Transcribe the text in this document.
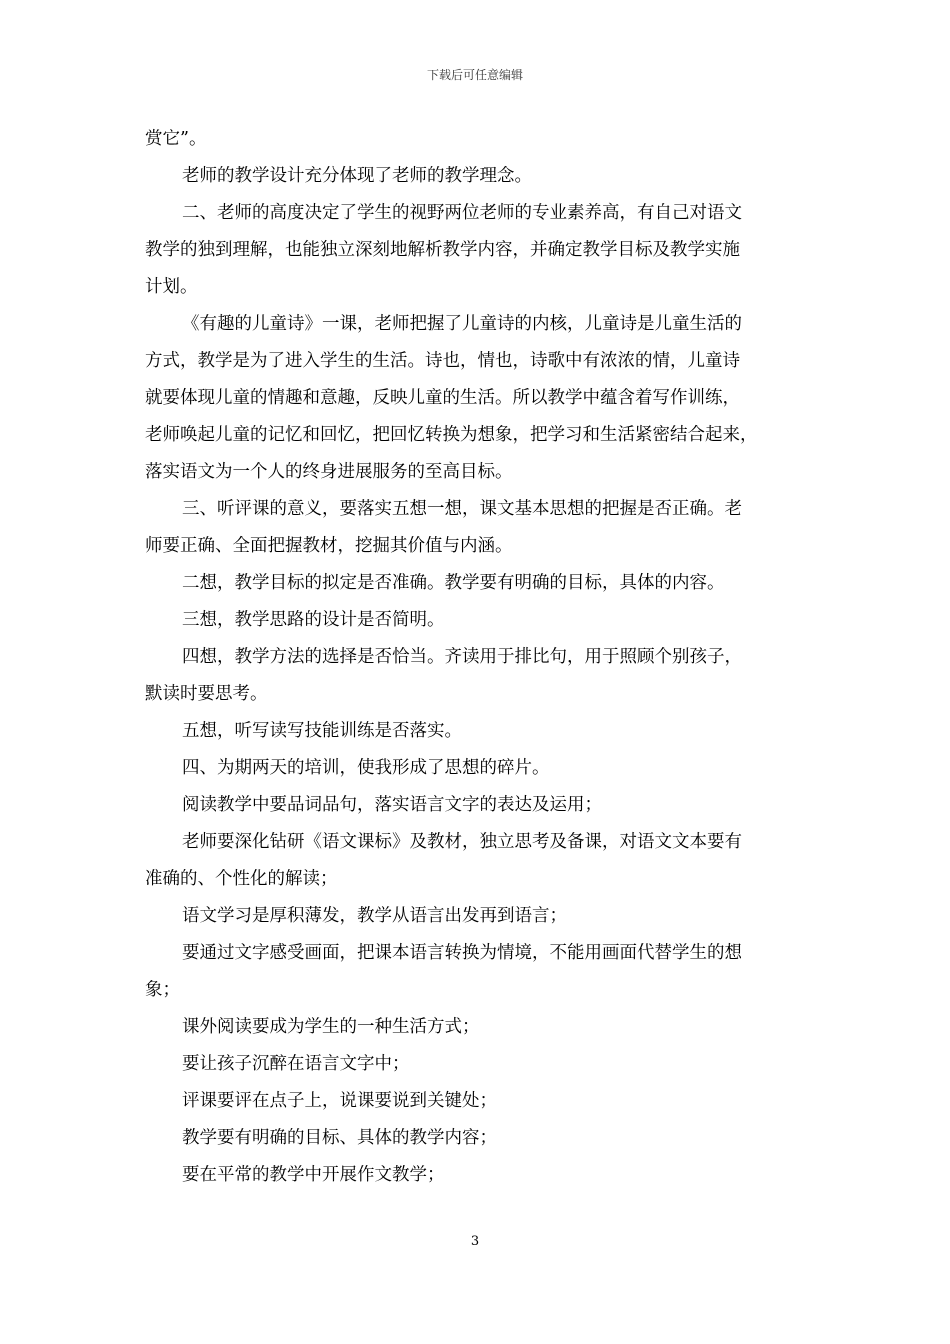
下载后可任意编辑
赏它”。
老师的教学设计充分体现了老师的教学理念。
二、老师的高度决定了学生的视野两位老师的专业素养高，有自己对语文
教学的独到理解，也能独立深刻地解析教学内容，并确定教学目标及教学实施
计划。
《有趣的儿童诗》一课，老师把握了儿童诗的内核，儿童诗是儿童生活的
方式，教学是为了进入学生的生活。诗也，情也，诗歌中有浓浓的情，儿童诗
就要体现儿童的情趣和意趣，反映儿童的生活。所以教学中蕴含着写作训练，
老师唤起儿童的记忆和回忆，把回忆转换为想象，把学习和生活紧密结合起来，
落实语文为一个人的终身进展服务的至高目标。
三、听评课的意义，要落实五想一想，课文基本思想的把握是否正确。老
师要正确、全面把握教材，挖掘其价值与内涵。
二想，教学目标的拟定是否准确。教学要有明确的目标，具体的内容。
三想，教学思路的设计是否简明。
四想，教学方法的选择是否恰当。齐读用于排比句，用于照顾个别孩子，
默读时要思考。
五想，听写读写技能训练是否落实。
四、为期两天的培训，使我形成了思想的碎片。
阅读教学中要品词品句，落实语言文字的表达及运用；
老师要深化钻研《语文课标》及教材，独立思考及备课，对语文文本要有
准确的、个性化的解读；
语文学习是厚积薄发，教学从语言出发再到语言；
要通过文字感受画面，把课本语言转换为情境，不能用画面代替学生的想
象；
课外阅读要成为学生的一种生活方式；
要让孩子沉醉在语言文字中；
评课要评在点子上，说课要说到关键处；
教学要有明确的目标、具体的教学内容；
要在平常的教学中开展作文教学；
3
